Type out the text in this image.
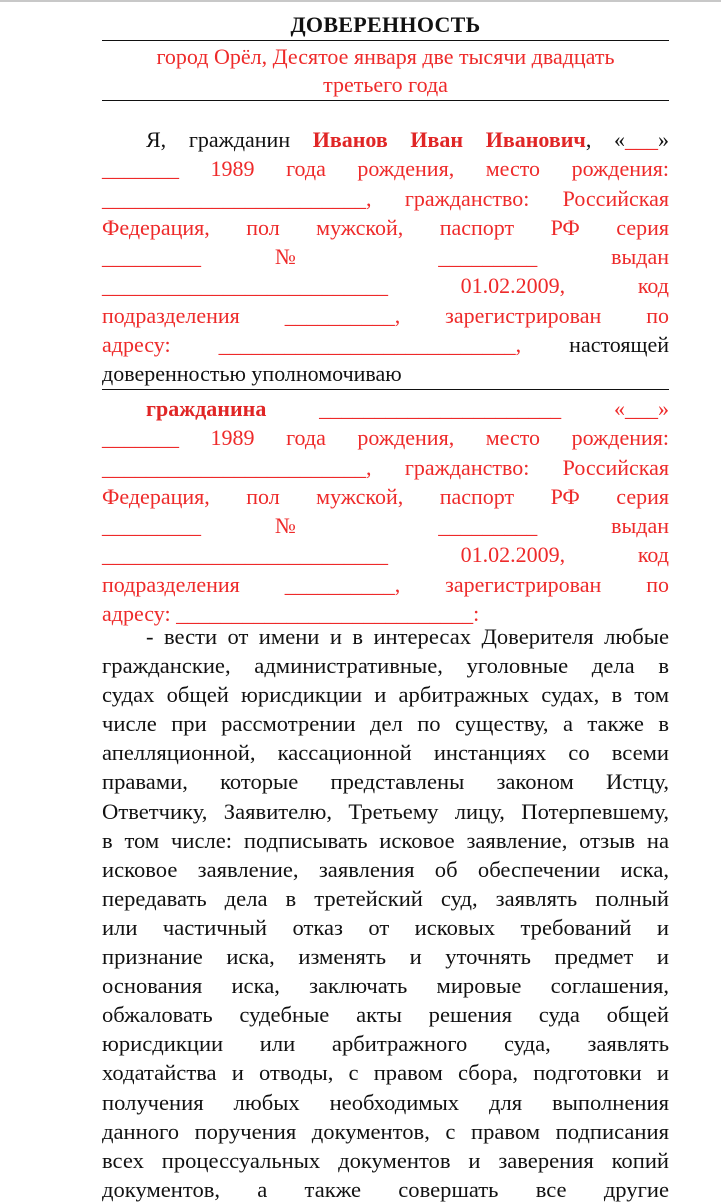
ДОВЕРЕННОСТЬ
город Орёл, Десятое января две тысячи двадцать
третьего года
Я, гражданин Иванов Иван Иванович, «___»
_______ 1989 года рождения, место рождения:
________________________, гражданство: Российская
Федерация, пол мужской, паспорт РФ серия
_________ № _________ выдан
__________________________ 01.02.2009, код
подразделения __________, зарегистрирован по
адресу: ___________________________, настоящей
доверенностью уполномочиваю
гражданина ______________________ «___»
_______ 1989 года рождения, место рождения:
________________________, гражданство: Российская
Федерация, пол мужской, паспорт РФ серия
_________ № _________ выдан
__________________________ 01.02.2009, код
подразделения __________, зарегистрирован по
адресу: ___________________________:
- вести от имени и в интересах Доверителя любые
гражданские, административные, уголовные дела в
судах общей юрисдикции и арбитражных судах, в том
числе при рассмотрении дел по существу, а также в
апелляционной, кассационной инстанциях со всеми
правами, которые представлены законом Истцу,
Ответчику, Заявителю, Третьему лицу, Потерпевшему,
в том числе: подписывать исковое заявление, отзыв на
исковое заявление, заявления об обеспечении иска,
передавать дела в третейский суд, заявлять полный
или частичный отказ от исковых требований и
признание иска, изменять и уточнять предмет и
основания иска, заключать мировые соглашения,
обжаловать судебные акты решения суда общей
юрисдикции или арбитражного суда, заявлять
ходатайства и отводы, с правом сбора, подготовки и
получения любых необходимых для выполнения
данного поручения документов, с правом подписания
всех процессуальных документов и заверения копий
документов, а также совершать все другие
